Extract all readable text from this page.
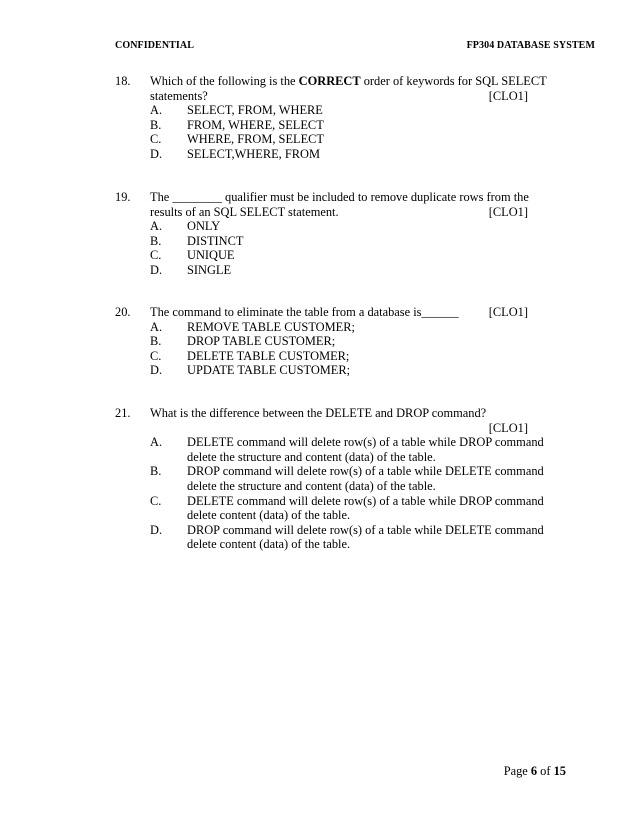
CONFIDENTIAL	FP304 DATABASE SYSTEM
18.	Which of the following is the CORRECT order of keywords for SQL SELECT
statements?	[CLO1]
A.	SELECT, FROM, WHERE
B.	FROM, WHERE, SELECT
C.	WHERE, FROM, SELECT
D.	SELECT,WHERE, FROM
19.	The ________ qualifier must be included to remove duplicate rows from the
results of an SQL SELECT statement.	[CLO1]
A.	ONLY
B.	DISTINCT
C.	UNIQUE
D.	SINGLE
20.	The command to eliminate the table from a database is______ [CLO1]
A.	REMOVE TABLE CUSTOMER;
B.	DROP TABLE CUSTOMER;
C.	DELETE TABLE CUSTOMER;
D.	UPDATE TABLE CUSTOMER;
21.	What is the difference between the DELETE and DROP command?

[CLO1]

A.	DELETE command will delete row(s) of a table while DROP command delete the structure and content (data) of the table.
B.	DROP command will delete row(s) of a table while DELETE command delete the structure and content (data) of the table.
C.	DELETE command will delete row(s) of a table while DROP command delete content (data) of the table.
D.	DROP command will delete row(s) of a table while DELETE command delete content (data) of the table.
Page 6 of 15
